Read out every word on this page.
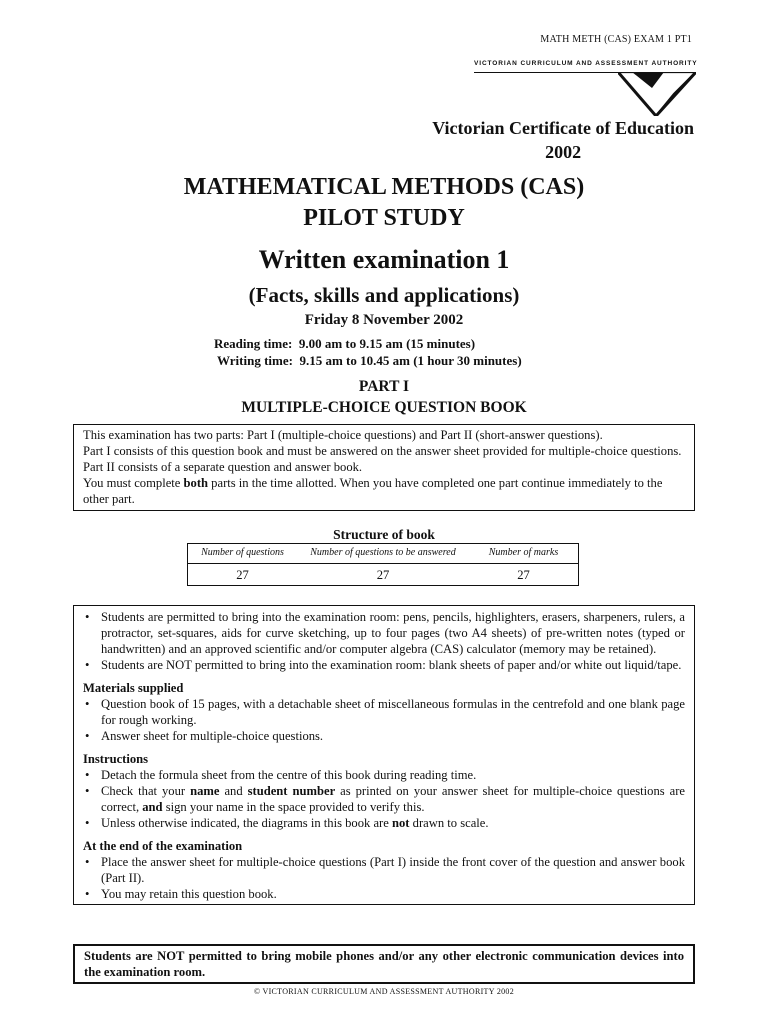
MATH METH (CAS) EXAM 1 PT1
VICTORIAN CURRICULUM AND ASSESSMENT AUTHORITY
Victorian Certificate of Education
2002
MATHEMATICAL METHODS (CAS)
PILOT STUDY
Written examination 1
(Facts, skills and applications)
Friday 8 November 2002
Reading time:  9.00 am to 9.15 am (15 minutes)
Writing time:  9.15 am to 10.45 am (1 hour 30 minutes)
PART I
MULTIPLE-CHOICE QUESTION BOOK

This examination has two parts: Part I (multiple-choice questions) and Part II (short-answer questions).

Part I consists of this question book and must be answered on the answer sheet provided for multiple-choice questions.

Part II consists of a separate question and answer book.

You must complete both parts in the time allotted. When you have completed one part continue immediately to the other part.

Structure of book
Number of questions	Number of questions to be answered	Number of marks
27	27	27
• Students are permitted to bring into the examination room: pens, pencils, highlighters, erasers, sharpeners, rulers, a protractor, set-squares, aids for curve sketching, up to four pages (two A4 sheets) of pre-written notes (typed or handwritten) and an approved scientific and/or computer algebra (CAS) calculator (memory may be retained).
• Students are NOT permitted to bring into the examination room: blank sheets of paper and/or white out liquid/tape.
Materials supplied
• Question book of 15 pages, with a detachable sheet of miscellaneous formulas in the centrefold and one blank page for rough working.
• Answer sheet for multiple-choice questions.
Instructions
• Detach the formula sheet from the centre of this book during reading time.
• Check that your name and student number as printed on your answer sheet for multiple-choice questions are correct, and sign your name in the space provided to verify this.
• Unless otherwise indicated, the diagrams in this book are not drawn to scale.
At the end of the examination
• Place the answer sheet for multiple-choice questions (Part I) inside the front cover of the question and answer book (Part II).
• You may retain this question book.
Students are NOT permitted to bring mobile phones and/or any other electronic communication devices into the examination room.
© VICTORIAN CURRICULUM AND ASSESSMENT AUTHORITY 2002
